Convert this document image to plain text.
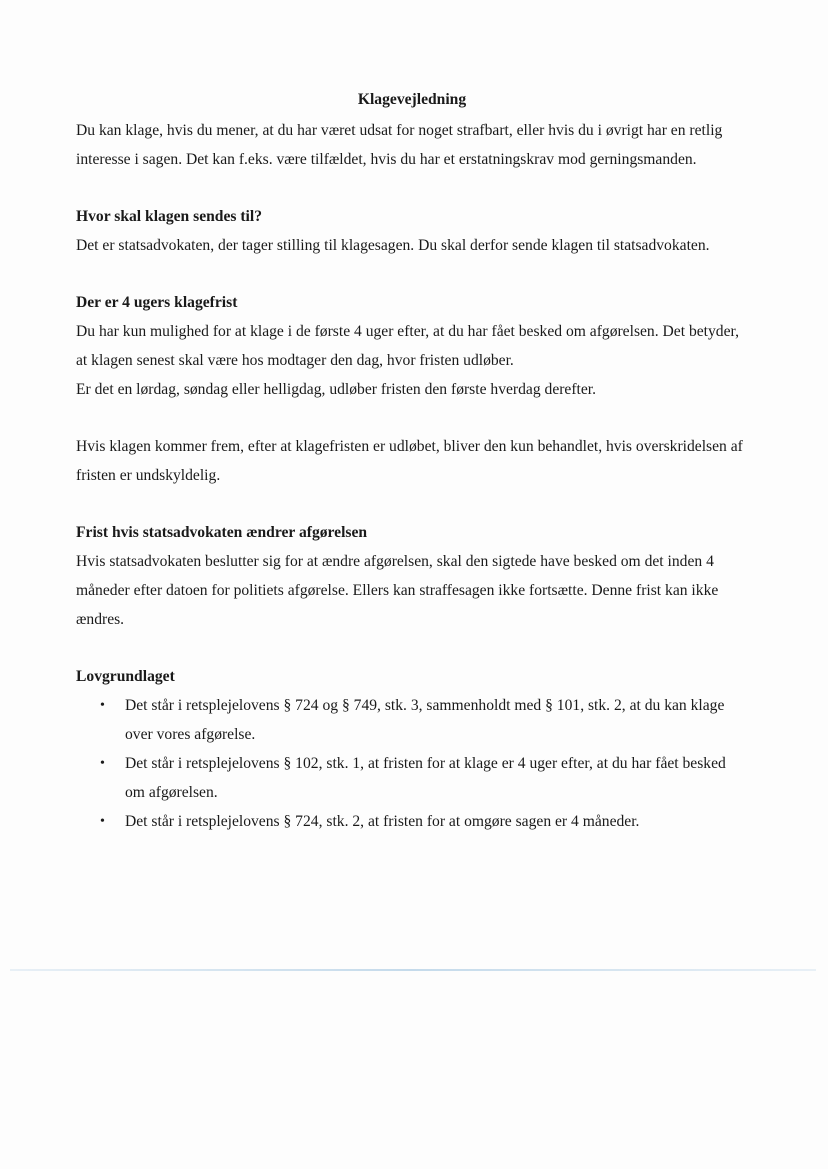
Klagevejledning

Du kan klage, hvis du mener, at du har været udsat for noget strafbart, eller hvis du i øvrigt har en retlig interesse i sagen. Det kan f.eks. være tilfældet, hvis du har et erstatningskrav mod gerningsmanden.

Hvor skal klagen sendes til?

Det er statsadvokaten, der tager stilling til klagesagen. Du skal derfor sende klagen til statsadvokaten.

Der er 4 ugers klagefrist

Du har kun mulighed for at klage i de første 4 uger efter, at du har fået besked om afgørelsen. Det betyder, at klagen senest skal være hos modtager den dag, hvor fristen udløber.

Er det en lørdag, søndag eller helligdag, udløber fristen den første hverdag derefter.

Hvis klagen kommer frem, efter at klagefristen er udløbet, bliver den kun behandlet, hvis overskridelsen af fristen er undskyldelig.

Frist hvis statsadvokaten ændrer afgørelsen

Hvis statsadvokaten beslutter sig for at ændre afgørelsen, skal den sigtede have besked om det inden 4 måneder efter datoen for politiets afgørelse. Ellers kan straffesagen ikke fortsætte. Denne frist kan ikke ændres.

Lovgrundlaget
• Det står i retsplejelovens § 724 og § 749, stk. 3, sammenholdt med § 101, stk. 2, at du kan klage over vores afgørelse.
• Det står i retsplejelovens § 102, stk. 1, at fristen for at klage er 4 uger efter, at du har fået besked om afgørelsen.
• Det står i retsplejelovens § 724, stk. 2, at fristen for at omgøre sagen er 4 måneder.
